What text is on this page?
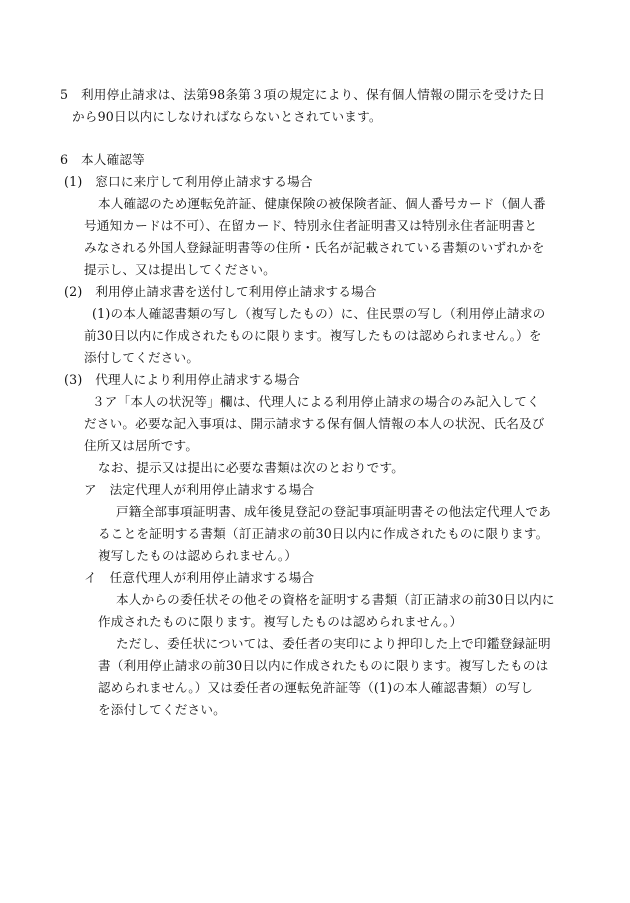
5　利用停止請求は、法第98条第３項の規定により、保有個人情報の開示を受けた日
から90日以内にしなければならないとされています。
6　本人確認等
(1)　窓口に来庁して利用停止請求する場合
本人確認のため運転免許証、健康保険の被保険者証、個人番号カード（個人番
号通知カードは不可）、在留カード、特別永住者証明書又は特別永住者証明書と
みなされる外国人登録証明書等の住所・氏名が記載されている書類のいずれかを
提示し、又は提出してください。
(2)　利用停止請求書を送付して利用停止請求する場合
(1)の本人確認書類の写し（複写したもの）に、住民票の写し（利用停止請求の
前30日以内に作成されたものに限ります。複写したものは認められません。）を
添付してください。
(3)　代理人により利用停止請求する場合
３ア「本人の状況等」欄は、代理人による利用停止請求の場合のみ記入してく
ださい。必要な記入事項は、開示請求する保有個人情報の本人の状況、氏名及び
住所又は居所です。
なお、提示又は提出に必要な書類は次のとおりです。
ア　法定代理人が利用停止請求する場合
戸籍全部事項証明書、成年後見登記の登記事項証明書その他法定代理人であ
ることを証明する書類（訂正請求の前30日以内に作成されたものに限ります。
複写したものは認められません。）
イ　任意代理人が利用停止請求する場合
本人からの委任状その他その資格を証明する書類（訂正請求の前30日以内に
作成されたものに限ります。複写したものは認められません。）
ただし、委任状については、委任者の実印により押印した上で印鑑登録証明
書（利用停止請求の前30日以内に作成されたものに限ります。複写したものは
認められません。）又は委任者の運転免許証等（(1)の本人確認書類）の写し
を添付してください。
